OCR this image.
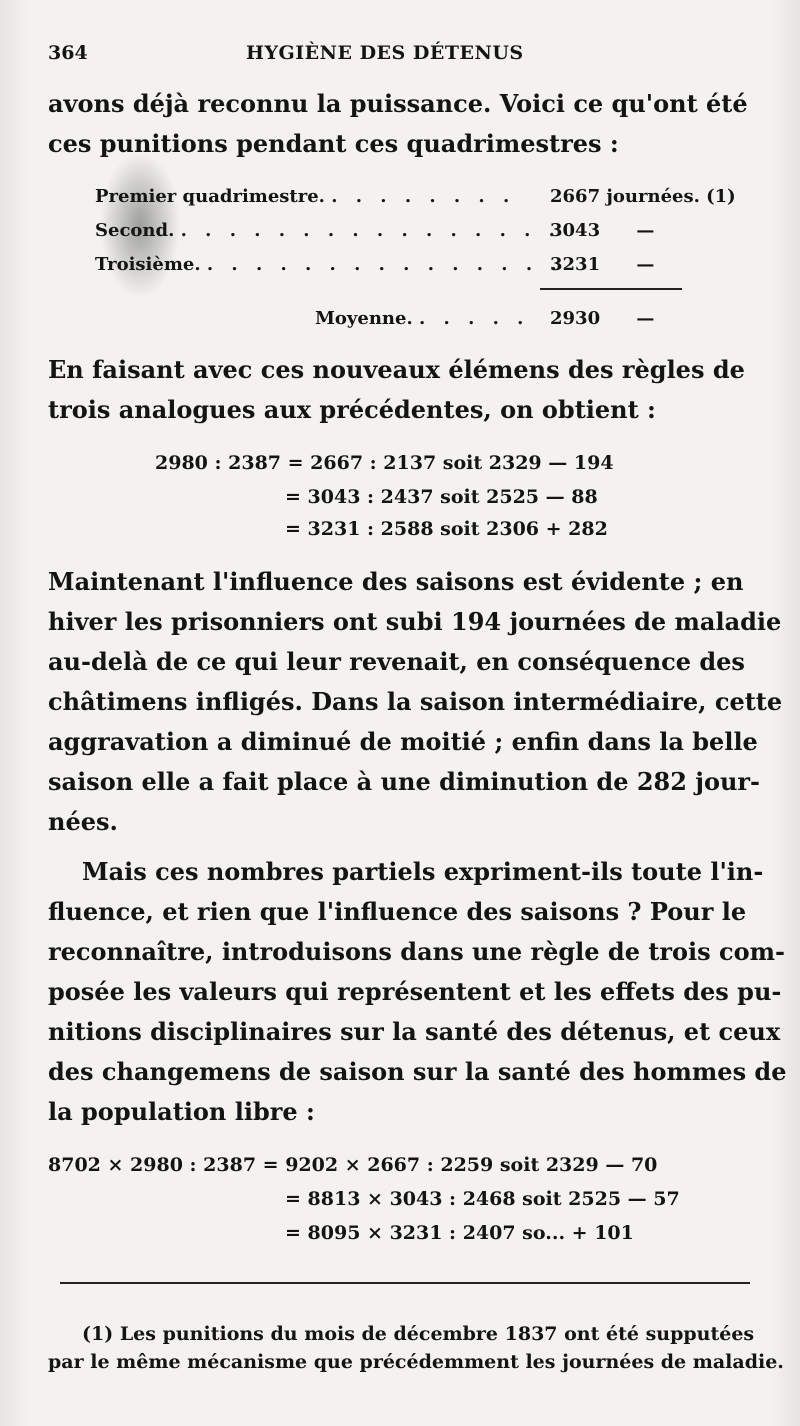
364	HYGIÈNE DES DÉTENUS
avons déjà reconnu la puissance. Voici ce qu'ont été
ces punitions pendant ces quadrimestres :
Premier quadrimestre. . . . . . . . . 2667 journées. (1)
Second. . . . . . . . . . . . . . . . .
3043 —
Troisième. . . . . . . . . . . . . . . .
3231 —
Moyenne. . . . . . 2930 —
En faisant avec ces nouveaux élémens des règles de
trois analogues aux précédentes, on obtient :
2980 : 2387 = 2667 : 2137 soit 2329 — 194
= 3043 : 2437 soit 2525 — 88
= 3231 : 2588 soit 2306 + 282
Maintenant l'influence des saisons est évidente ; en
hiver les prisonniers ont subi 194 journées de maladie
au-delà de ce qui leur revenait, en conséquence des
châtimens infligés. Dans la saison intermédiaire, cette
aggravation a diminué de moitié ; enfin dans la belle
saison elle a fait place à une diminution de 282 jour-
nées.
Mais ces nombres partiels expriment-ils toute l'in-
fluence, et rien que l'influence des saisons ? Pour le
reconnaître, introduisons dans une règle de trois com-
posée les valeurs qui représentent et les effets des pu-
nitions disciplinaires sur la santé des détenus, et ceux
des changemens de saison sur la santé des hommes de
la population libre :
8702 × 2980 : 2387 = 9202 × 2667 : 2259 soit 2329 — 70
= 8813 × 3043 : 2468 soit 2525 — 57
= 8095 × 3231 : 2407 so... + 101
(1) Les punitions du mois de décembre 1837 ont été supputées
par le même mécanisme que précédemment les journées de maladie.
